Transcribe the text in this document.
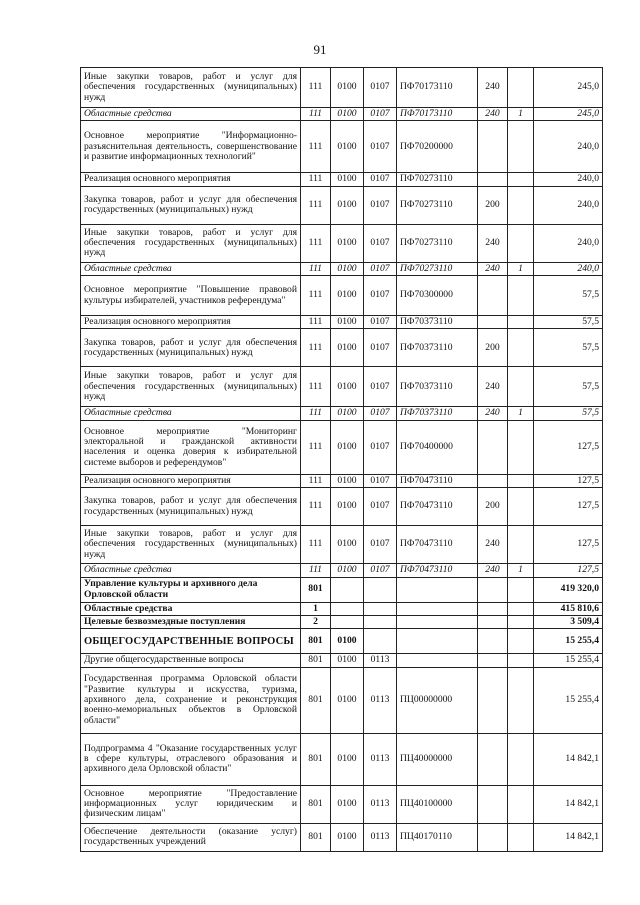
91
Иные закупки товаров, работ и услуг для обеспечения государственных (муниципальных) нужд	111	0100	0107	ПФ70173110	240		245,0
Областные средства	111	0100	0107	ПФ70173110	240	1	245,0
Основное мероприятие "Информационно-разъяснительная деятельность, совершенствование и развитие информационных технологий"	111	0100	0107	ПФ70200000			240,0
Реализация основного мероприятия	111	0100	0107	ПФ70273110			240,0
Закупка товаров, работ и услуг для обеспечения государственных (муниципальных) нужд	111	0100	0107	ПФ70273110	200		240,0
Иные закупки товаров, работ и услуг для обеспечения государственных (муниципальных) нужд	111	0100	0107	ПФ70273110	240		240,0
Областные средства	111	0100	0107	ПФ70273110	240	1	240,0
Основное мероприятие "Повышение правовой культуры избирателей, участников референдума"	111	0100	0107	ПФ70300000			57,5
Реализация основного мероприятия	111	0100	0107	ПФ70373110			57,5
Закупка товаров, работ и услуг для обеспечения государственных (муниципальных) нужд	111	0100	0107	ПФ70373110	200		57,5
Иные закупки товаров, работ и услуг для обеспечения государственных (муниципальных) нужд	111	0100	0107	ПФ70373110	240		57,5
Областные средства	111	0100	0107	ПФ70373110	240	1	57,5
Основное мероприятие "Мониторинг электоральной и гражданской активности населения и оценка доверия к избирательной системе выборов и референдумов"	111	0100	0107	ПФ70400000			127,5
Реализация основного мероприятия	111	0100	0107	ПФ70473110			127,5
Закупка товаров, работ и услуг для обеспечения государственных (муниципальных) нужд	111	0100	0107	ПФ70473110	200		127,5
Иные закупки товаров, работ и услуг для обеспечения государственных (муниципальных) нужд	111	0100	0107	ПФ70473110	240		127,5
Областные средства	111	0100	0107	ПФ70473110	240	1	127,5
Управление культуры и архивного дела Орловской области	801						419 320,0
Областные средства	1						415 810,6
Целевые безвозмездные поступления	2						3 509,4
ОБЩЕГОСУДАРСТВЕННЫЕ ВОПРОСЫ	801	0100					15 255,4
Другие общегосударственные вопросы	801	0100	0113				15 255,4
Государственная программа Орловской области "Развитие культуры и искусства, туризма, архивного дела, сохранение и реконструкция военно-мемориальных объектов в Орловской области"	801	0100	0113	ПЦ00000000			15 255,4
Подпрограмма 4 "Оказание государственных услуг в сфере культуры, отраслевого образования и архивного дела Орловской области"	801	0100	0113	ПЦ40000000			14 842,1
Основное мероприятие "Предоставление информационных услуг юридическим и физическим лицам"	801	0100	0113	ПЦ40100000			14 842,1
Обеспечение деятельности (оказание услуг) государственных учреждений	801	0100	0113	ПЦ40170110			14 842,1
